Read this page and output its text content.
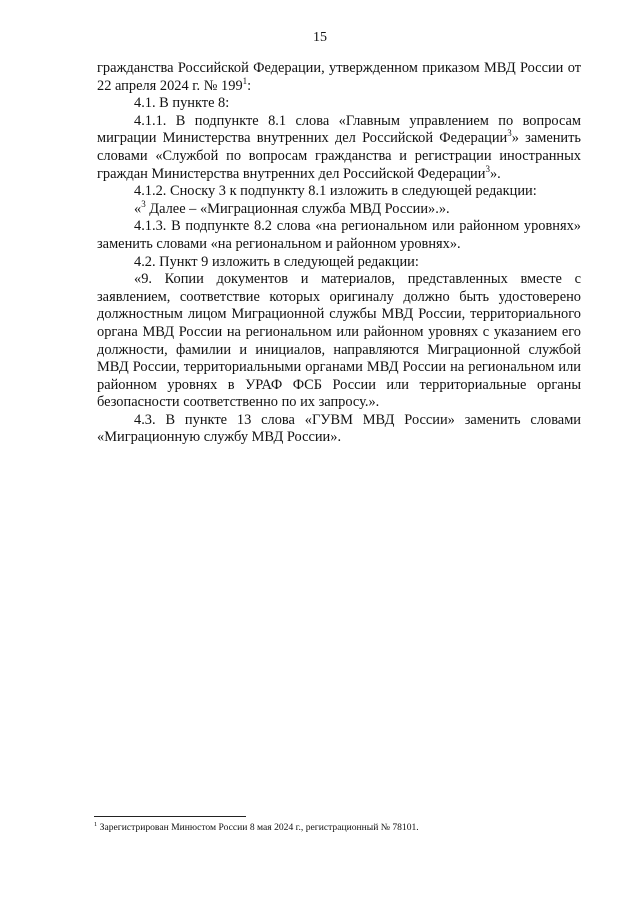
15

гражданства Российской Федерации, утвержденном приказом МВД России от 22 апреля 2024 г. № $199^1$:

4.1. В пункте 8:

4.1.1. В подпункте 8.1 слова «Главным управлением по вопросам миграции Министерства внутренних дел Российской Федерации$^3$» заменить словами «Службой по вопросам гражданства и регистрации иностранных граждан Министерства внутренних дел Российской Федерации$^3$».

4.1.2. Сноску 3 к подпункту 8.1 изложить в следующей редакции:

«$^3$ Далее – «Миграционная служба МВД России».».

4.1.3. В подпункте 8.2 слова «на региональном или районном уровнях» заменить словами «на региональном и районном уровнях».

4.2. Пункт 9 изложить в следующей редакции:

«9. Копии документов и материалов, представленных вместе с заявлением, соответствие которых оригиналу должно быть удостоверено должностным лицом Миграционной службы МВД России, территориального органа МВД России на региональном или районном уровнях с указанием его должности, фамилии и инициалов, направляются Миграционной службой МВД России, территориальными органами МВД России на региональном или районном уровнях в УРАФ ФСБ России или территориальные органы безопасности соответственно по их запросу.».

4.3. В пункте 13 слова «ГУВМ МВД России» заменить словами «Миграционную службу МВД России».

$^1$ Зарегистрирован Минюстом России 8 мая 2024 г., регистрационный № 78101.
